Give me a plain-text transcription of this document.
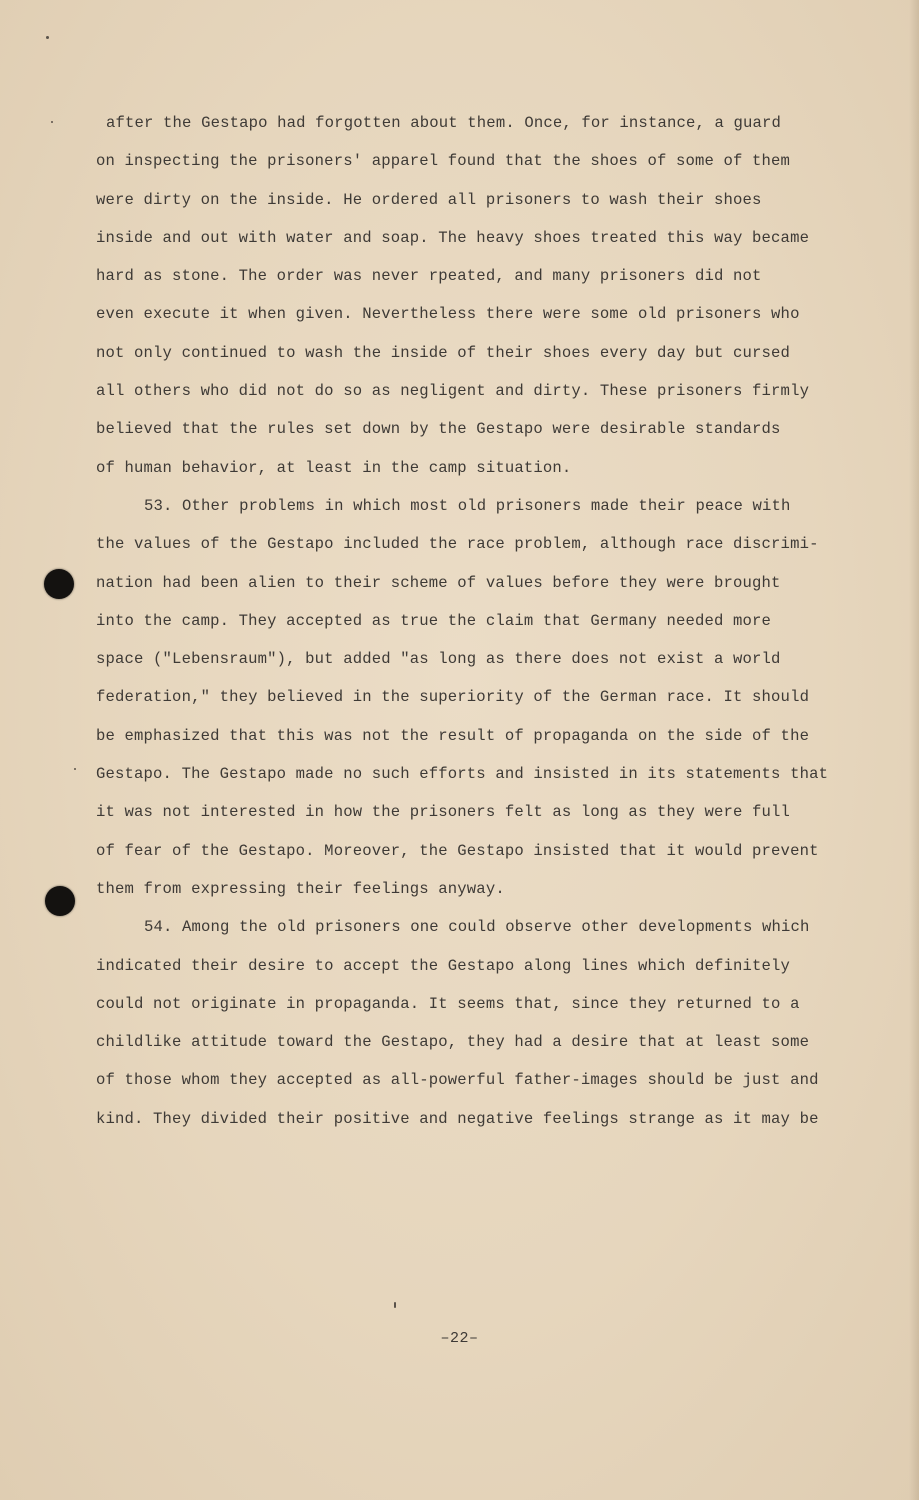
after the Gestapo had forgotten about them. Once, for instance, a guard
on inspecting the prisoners' apparel found that the shoes of some of them
were dirty on the inside. He ordered all prisoners to wash their shoes
inside and out with water and soap. The heavy shoes treated this way became
hard as stone. The order was never rpeated, and many prisoners did not
even execute it when given. Nevertheless there were some old prisoners who
not only continued to wash the inside of their shoes every day but cursed
all others who did not do so as negligent and dirty. These prisoners firmly
believed that the rules set down by the Gestapo were desirable standards
of human behavior, at least in the camp situation.
53. Other problems in which most old prisoners made their peace with
the values of the Gestapo included the race problem, although race discrimi-
nation had been alien to their scheme of values before they were brought
into the camp. They accepted as true the claim that Germany needed more
space ("Lebensraum"), but added "as long as there does not exist a world
federation," they believed in the superiority of the German race. It should
be emphasized that this was not the result of propaganda on the side of the
Gestapo. The Gestapo made no such efforts and insisted in its statements that
it was not interested in how the prisoners felt as long as they were full
of fear of the Gestapo. Moreover, the Gestapo insisted that it would prevent
them from expressing their feelings anyway.
54. Among the old prisoners one could observe other developments which
indicated their desire to accept the Gestapo along lines which definitely
could not originate in propaganda. It seems that, since they returned to a
childlike attitude toward the Gestapo, they had a desire that at least some
of those whom they accepted as all-powerful father-images should be just and
kind. They divided their positive and negative feelings strange as it may be
–22–
